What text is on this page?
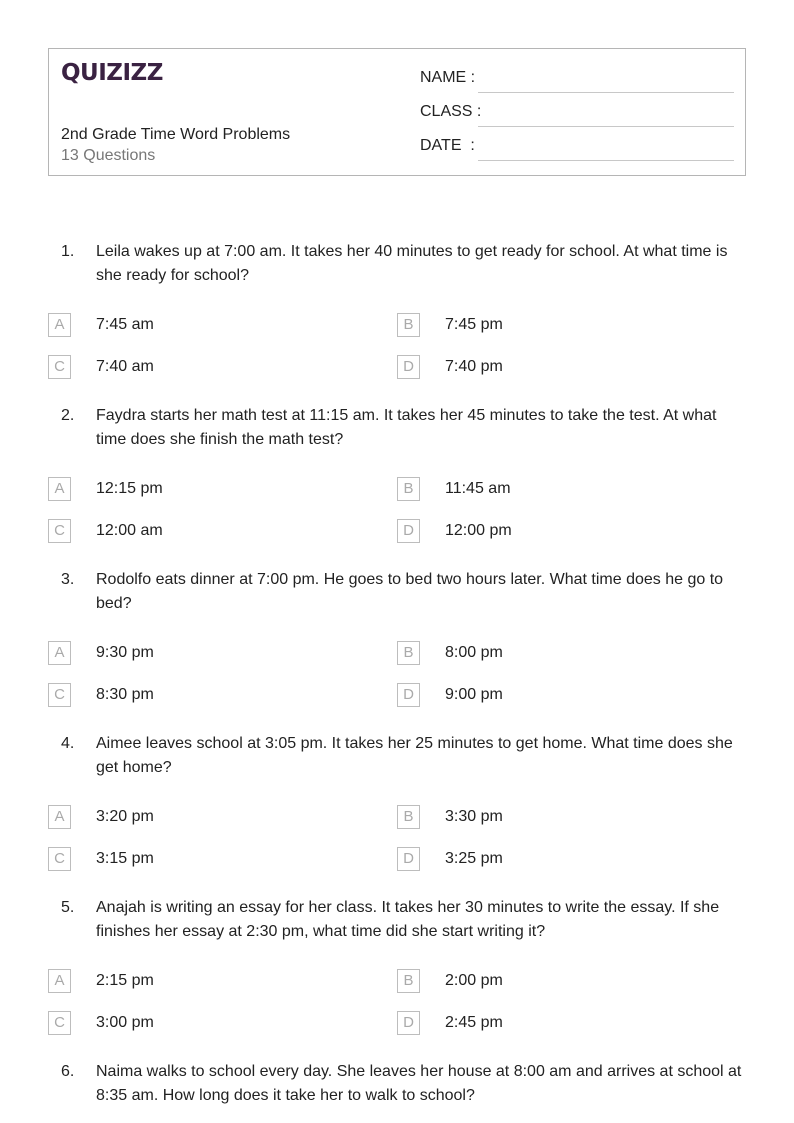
QUIZIZZ
2nd Grade Time Word Problems
13 Questions
NAME :
CLASS :
DATE  :
1. Leila wakes up at 7:00 am. It takes her 40 minutes to get ready for school. At what time is she ready for school?
A	7:45 am	B	7:45 pm
C	7:40 am	D	7:40 pm
2. Faydra starts her math test at 11:15 am. It takes her 45 minutes to take the test. At what time does she finish the math test?
A	12:15 pm	B	11:45 am
C	12:00 am	D	12:00 pm
3. Rodolfo eats dinner at 7:00 pm. He goes to bed two hours later. What time does he go to bed?
A	9:30 pm	B	8:00 pm
C	8:30 pm	D	9:00 pm
4. Aimee leaves school at 3:05 pm. It takes her 25 minutes to get home. What time does she get home?
A	3:20 pm	B	3:30 pm
C	3:15 pm	D	3:25 pm
5. Anajah is writing an essay for her class. It takes her 30 minutes to write the essay. If she finishes her essay at 2:30 pm, what time did she start writing it?
A	2:15 pm	B	2:00 pm
C	3:00 pm	D	2:45 pm
6. Naima walks to school every day. She leaves her house at 8:00 am and arrives at school at 8:35 am. How long does it take her to walk to school?
